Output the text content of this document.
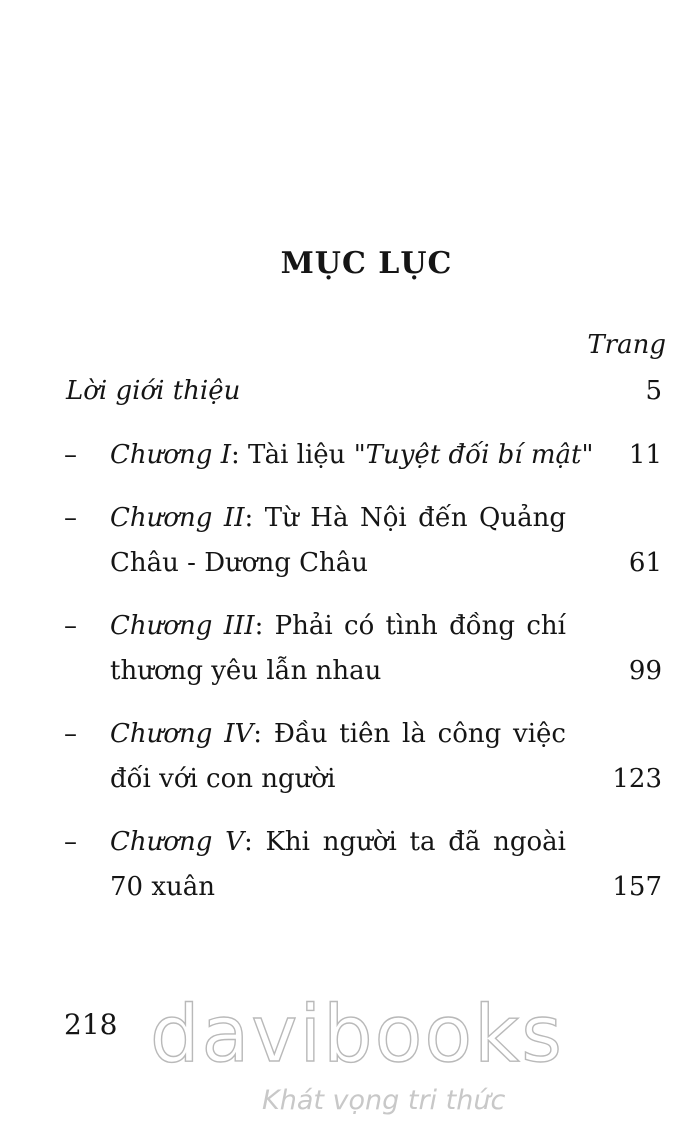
MỤC LỤC
Trang
Lời giới thiệu	5
– Chương I: Tài liệu "Tuyệt đối bí mật" 11
– Chương II: Từ Hà Nội đến Quảng
Châu - Dương Châu	61
– Chương III: Phải có tình đồng chí
thương yêu lẫn nhau	99
– Chương IV: Đầu tiên là công việc
đối với con người	123
– Chương V: Khi người ta đã ngoài
70 xuân	157
218 davibooks
Khát vọng tri thức
